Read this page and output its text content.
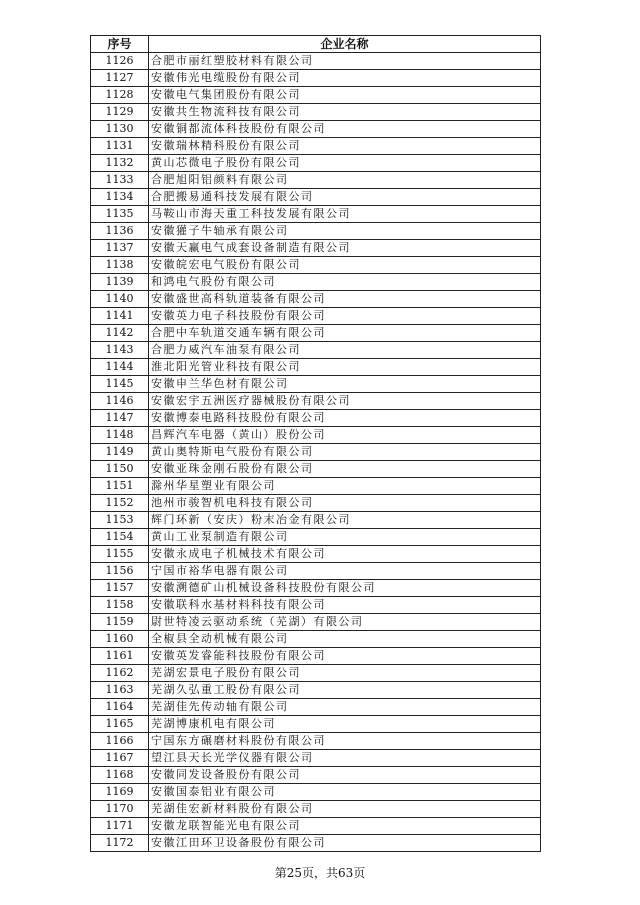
序号	企业名称
1126	合肥市丽红塑胶材料有限公司
1127	安徽伟光电缆股份有限公司
1128	安徽电气集团股份有限公司
1129	安徽共生物流科技有限公司
1130	安徽铜都流体科技股份有限公司
1131	安徽瑞林精科股份有限公司
1132	黄山芯微电子股份有限公司
1133	合肥旭阳铝颜料有限公司
1134	合肥搬易通科技发展有限公司
1135	马鞍山市海天重工科技发展有限公司
1136	安徽獾子牛轴承有限公司
1137	安徽天赢电气成套设备制造有限公司
1138	安徽皖宏电气股份有限公司
1139	和鸿电气股份有限公司
1140	安徽盛世高科轨道装备有限公司
1141	安徽英力电子科技股份有限公司
1142	合肥中车轨道交通车辆有限公司
1143	合肥力威汽车油泵有限公司
1144	淮北阳光管业科技有限公司
1145	安徽申兰华色材有限公司
1146	安徽宏宇五洲医疗器械股份有限公司
1147	安徽博泰电路科技股份有限公司
1148	昌辉汽车电器（黄山）股份公司
1149	黄山奥特斯电气股份有限公司
1150	安徽亚珠金刚石股份有限公司
1151	滁州华星塑业有限公司
1152	池州市骏智机电科技有限公司
1153	辉门环新（安庆）粉末冶金有限公司
1154	黄山工业泵制造有限公司
1155	安徽永成电子机械技术有限公司
1156	宁国市裕华电器有限公司
1157	安徽溯德矿山机械设备科技股份有限公司
1158	安徽联科水基材料科技有限公司
1159	尉世特凌云驱动系统（芜湖）有限公司
1160	全椒县全动机械有限公司
1161	安徽英发睿能科技股份有限公司
1162	芜湖宏景电子股份有限公司
1163	芜湖久弘重工股份有限公司
1164	芜湖佳先传动轴有限公司
1165	芜湖博康机电有限公司
1166	宁国东方碾磨材料股份有限公司
1167	望江县天长光学仪器有限公司
1168	安徽同发设备股份有限公司
1169	安徽国泰铝业有限公司
1170	芜湖佳宏新材料股份有限公司
1171	安徽龙联智能光电有限公司
1172	安徽江田环卫设备股份有限公司
第25页，共63页
